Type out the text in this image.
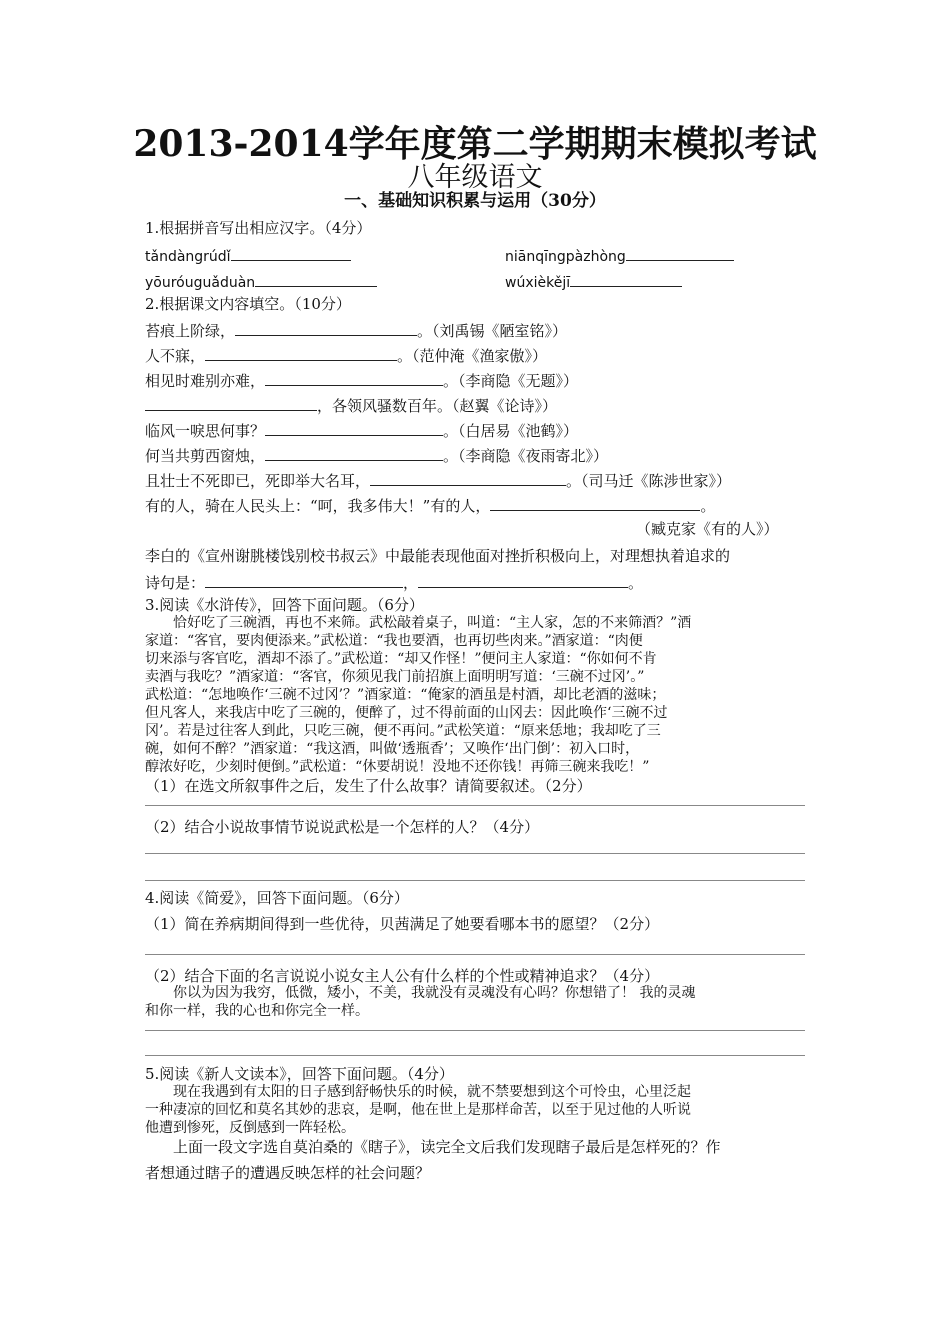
2013-2014学年度第二学期期末模拟考试
八年级语文
一、基础知识积累与运用（30分）
1.根据拼音写出相应汉字。（4分）
tǎndàngrúdǐ	niānqīngpàzhòng
yōuróuguǎduàn	wúxièkějī
2.根据课文内容填空。（10分）
苔痕上阶绿，	。（刘禹锡《陋室铭》）
人不寐，	。（范仲淹《渔家傲》）
相见时难别亦难，	。（李商隐《无题》）
，各领风骚数百年。（赵翼《论诗》）
临风一唳思何事？	。（白居易《池鹤》）
何当共剪西窗烛，	。（李商隐《夜雨寄北》）
且壮士不死即已，死即举大名耳，	。（司马迁《陈涉世家》）
有的人，骑在人民头上：“呵，我多伟大！”有的人，	。
（臧克家《有的人》）
李白的《宣州谢朓楼饯别校书叔云》中最能表现他面对挫折积极向上，对理想执着追求的
诗句是：	，	。
3.阅读《水浒传》，回答下面问题。（6分）
恰好吃了三碗酒，再也不来筛。武松敲着桌子，叫道：“主人家，怎的不来筛酒？”酒
家道：“客官，要肉便添来。”武松道：“我也要酒，也再切些肉来。”酒家道：“肉便
切来添与客官吃，酒却不添了。”武松道：“却又作怪！”便问主人家道：“你如何不肯
卖酒与我吃？”酒家道：“客官，你须见我门前招旗上面明明写道：‘三碗不过冈’。”
武松道：“怎地唤作‘三碗不过冈’？”酒家道：“俺家的酒虽是村酒，却比老酒的滋味；
但凡客人，来我店中吃了三碗的，便醉了，过不得前面的山冈去：因此唤作‘三碗不过
冈’。若是过往客人到此，只吃三碗，便不再问。”武松笑道：“原来恁地；我却吃了三
碗，如何不醉？”酒家道：“我这酒，叫做‘透瓶香’；又唤作‘出门倒’：初入口时，
醇浓好吃，少刻时便倒。”武松道：“休要胡说！没地不还你钱！再筛三碗来我吃！”
（1）在选文所叙事件之后，发生了什么故事？请简要叙述。（2分）
（2）结合小说故事情节说说武松是一个怎样的人？（4分）
4.阅读《简爱》，回答下面问题。（6分）
（1）简在养病期间得到一些优待，贝茜满足了她要看哪本书的愿望？（2分）
（2）结合下面的名言说说小说女主人公有什么样的个性或精神追求？（4分）
你以为因为我穷，低微，矮小，不美，我就没有灵魂没有心吗？你想错了！ 我的灵魂
和你一样，我的心也和你完全一样。
5.阅读《新人文读本》，回答下面问题。（4分）
现在我遇到有太阳的日子感到舒畅快乐的时候，就不禁要想到这个可怜虫，心里泛起
一种凄凉的回忆和莫名其妙的悲哀，是啊，他在世上是那样命苦，以至于见过他的人听说
他遭到惨死，反倒感到一阵轻松。
上面一段文字选自莫泊桑的《瞎子》，读完全文后我们发现瞎子最后是怎样死的？作
者想通过瞎子的遭遇反映怎样的社会问题？
